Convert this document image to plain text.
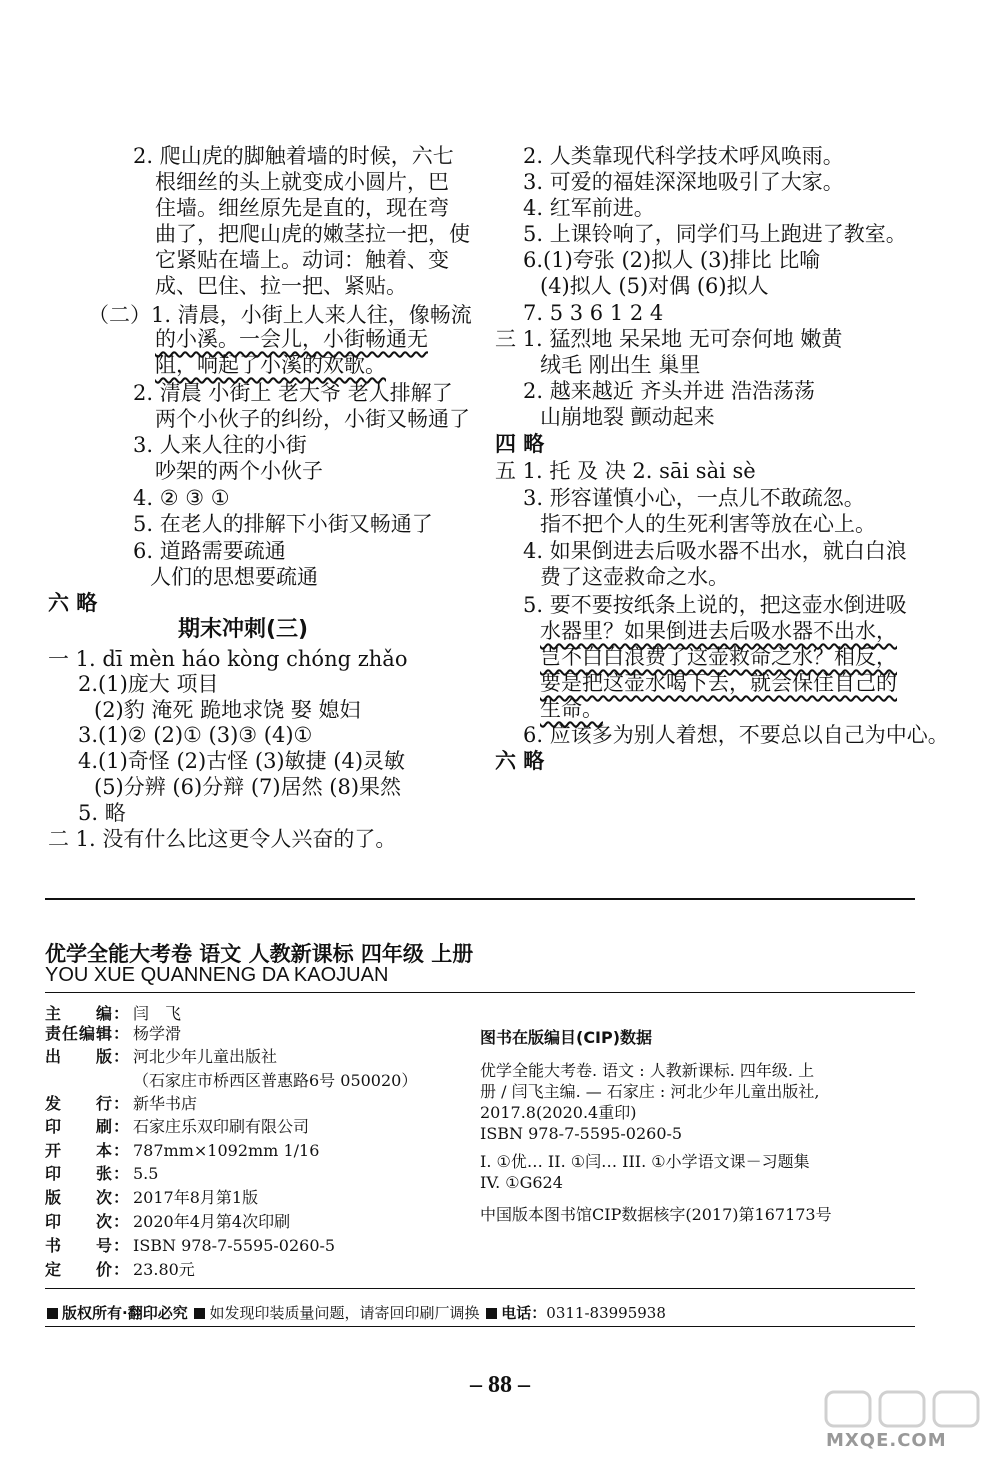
2. 爬山虎的脚触着墙的时候，六七
根细丝的头上就变成小圆片，巴
住墙。细丝原先是直的，现在弯
曲了，把爬山虎的嫩茎拉一把，使
它紧贴在墙上。动词：触着、变
成、巴住、拉一把、紧贴。
（二）1. 清晨，小街上人来人往，像畅流
的小溪。一会儿，小街畅通无
阻，响起了小溪的欢歌。
2. 清晨 小街上 老大爷 老人排解了
两个小伙子的纠纷，小街又畅通了
3. 人来人往的小街
吵架的两个小伙子
4. ② ③ ①
5. 在老人的排解下小街又畅通了
6. 道路需要疏通
人们的思想要疏通
六 略
期末冲刺(三)
一 1. dī mèn háo kòng chóng zhǎo
2.(1)庞大 项目
(2)豹 淹死 跪地求饶 娶 媳妇
3.(1)② (2)① (3)③ (4)①
4.(1)奇怪 (2)古怪 (3)敏捷 (4)灵敏
(5)分辨 (6)分辩 (7)居然 (8)果然
5. 略
二 1. 没有什么比这更令人兴奋的了。
2. 人类靠现代科学技术呼风唤雨。
3. 可爱的福娃深深地吸引了大家。
4. 红军前进。
5. 上课铃响了，同学们马上跑进了教室。
6.(1)夸张 (2)拟人 (3)排比 比喻
(4)拟人 (5)对偶 (6)拟人
7. 5 3 6 1 2 4
三 1. 猛烈地 呆呆地 无可奈何地 嫩黄
绒毛 刚出生 巢里
2. 越来越近 齐头并进 浩浩荡荡
山崩地裂 颤动起来
四 略
五 1. 托 及 决 2. sāi sài sè
3. 形容谨慎小心，一点儿不敢疏忽。
指不把个人的生死利害等放在心上。
4. 如果倒进去后吸水器不出水，就白白浪
费了这壶救命之水。
5. 要不要按纸条上说的，把这壶水倒进吸
水器里？如果倒进去后吸水器不出水，
岂不白白浪费了这壶救命之水？相反，
要是把这壶水喝下去，就会保住自己的
生命。
6. 应该多为别人着想，不要总以自己为中心。
六 略
优学全能大考卷 语文 人教新课标 四年级 上册
YOU XUE QUANNENG DA KAOJUAN
主　　编： 闫　飞
责任编辑： 杨学滑
出　　版： 河北少年儿童出版社
（石家庄市桥西区普惠路6号 050020）
发　　行： 新华书店
印　　刷： 石家庄乐双印刷有限公司
开　　本： 787mm×1092mm 1/16
印　　张： 5.5
版　　次： 2017年8月第1版
印　　次： 2020年4月第4次印刷
书　　号： ISBN 978-7-5595-0260-5
定　　价： 23.80元
图书在版编目(CIP)数据
优学全能大考卷. 语文 : 人教新课标. 四年级. 上
册 / 闫飞主编. — 石家庄 : 河北少年儿童出版社,
2017.8(2020.4重印)
ISBN 978-7-5595-0260-5
I. ①优… II. ①闫… III. ①小学语文课－习题集
IV. ①G624
中国版本图书馆CIP数据核字(2017)第167173号
版权所有·翻印必究 如发现印装质量问题，请寄回印刷厂调换 电话：0311-83995938
– 88 –
MXQE.COM
